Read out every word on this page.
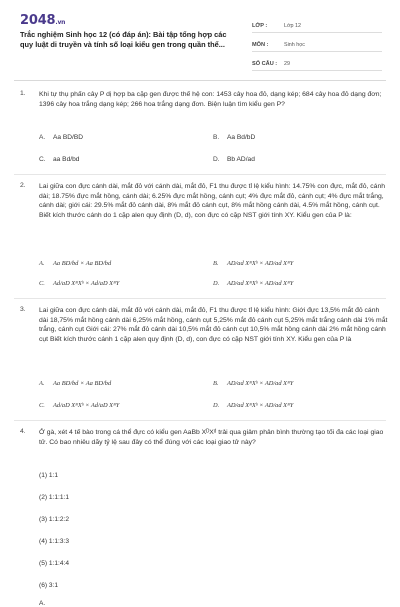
2048.vn
Trắc nghiệm Sinh học 12 (có đáp án): Bài tập tổng hợp các quy luật di truyền và tính số loại kiểu gen trong quần thể...
LỚP :	Lớp 12
MÔN :	Sinh học
SỐ CÂU :	29
1. Khi tự thụ phấn cây P dị hợp ba cặp gen được thế hệ con: 1453 cây hoa đỏ, dạng kép; 684 cây hoa đỏ dạng đơn; 1396 cây hoa trắng dạng kép; 266 hoa trắng dạng đơn. Biện luận tìm kiểu gen P?
A. Aa BD/BD	B. Aa Bd/bD
C. aa Bd/bd	D. Bb AD/ad
2. Lai giữa con đực cánh dài, mắt đỏ với cánh dài, mắt đỏ, F1 thu được tỉ lệ kiểu hình: 14.75% con đực, mắt đỏ, cánh dài; 18.75% đực mắt hồng, cánh dài; 6.25% đực mắt hồng, cánh cụt; 4% đực mắt đỏ, cánh cụt; 4% đực mắt trắng, cánh dài; giới cái: 29.5% mắt đỏ cánh dài, 8% mắt đỏ cánh cụt, 8% mắt hồng cánh dài, 4.5% mắt hồng, cánh cụt. Biết kích thước cánh do 1 cặp alen quy định (D, d), con đực có cặp NST giới tính XY. Kiểu gen của P là:
A. Aa BD/bd × Aa BD/bd	B. AD/ad XᴮXᵇ × AD/ad XᴮY
C. Ad/aD XᴮXᵇ × Ad/aD XᴮY	D. AD/ad XᴮXᵇ × AD/ad XᴮY
3. Lai giữa con đực cánh dài, mắt đỏ với cánh dài, mắt đỏ, F1 thu được tỉ lệ kiểu hình: Giới đực 13,5% mắt đỏ cánh dài 18,75% mắt hồng cánh dài 6,25% mắt hồng, cánh cụt 5,25% mắt đỏ cánh cụt 5,25% mắt trắng cánh dài 1% mắt trắng, cánh cụt Giới cái: 27% mắt đỏ cánh dài 10,5% mắt đỏ cánh cụt 10,5% mắt hồng cánh dài 2% mắt hồng cánh cụt Biết kích thước cánh 1 cặp alen quy định (D, d), con đực có cặp NST giới tính XY. Kiểu gen của P là
A. Aa BD/bd × Aa BD/bd	B. AD/ad XᴮXᵇ × AD/ad XᴮY
C. Ad/aD XᴮXᵇ × Ad/aD XᴮY	D. AD/ad XᴮXᵇ × AD/ad XᴮY
4. Ở gà, xét 4 tế bào trong cá thể đực có kiểu gen AaBb XᴰXᵈ trải qua giảm phân bình thường tạo tối đa các loại giao tử. Có bao nhiêu dãy tỷ lệ sau đây có thể đúng với các loại giao tử này?
(1) 1:1
(2) 1:1:1:1
(3) 1:1:2:2
(4) 1:1:3:3
(5) 1:1:4:4
(6) 3:1
A.
